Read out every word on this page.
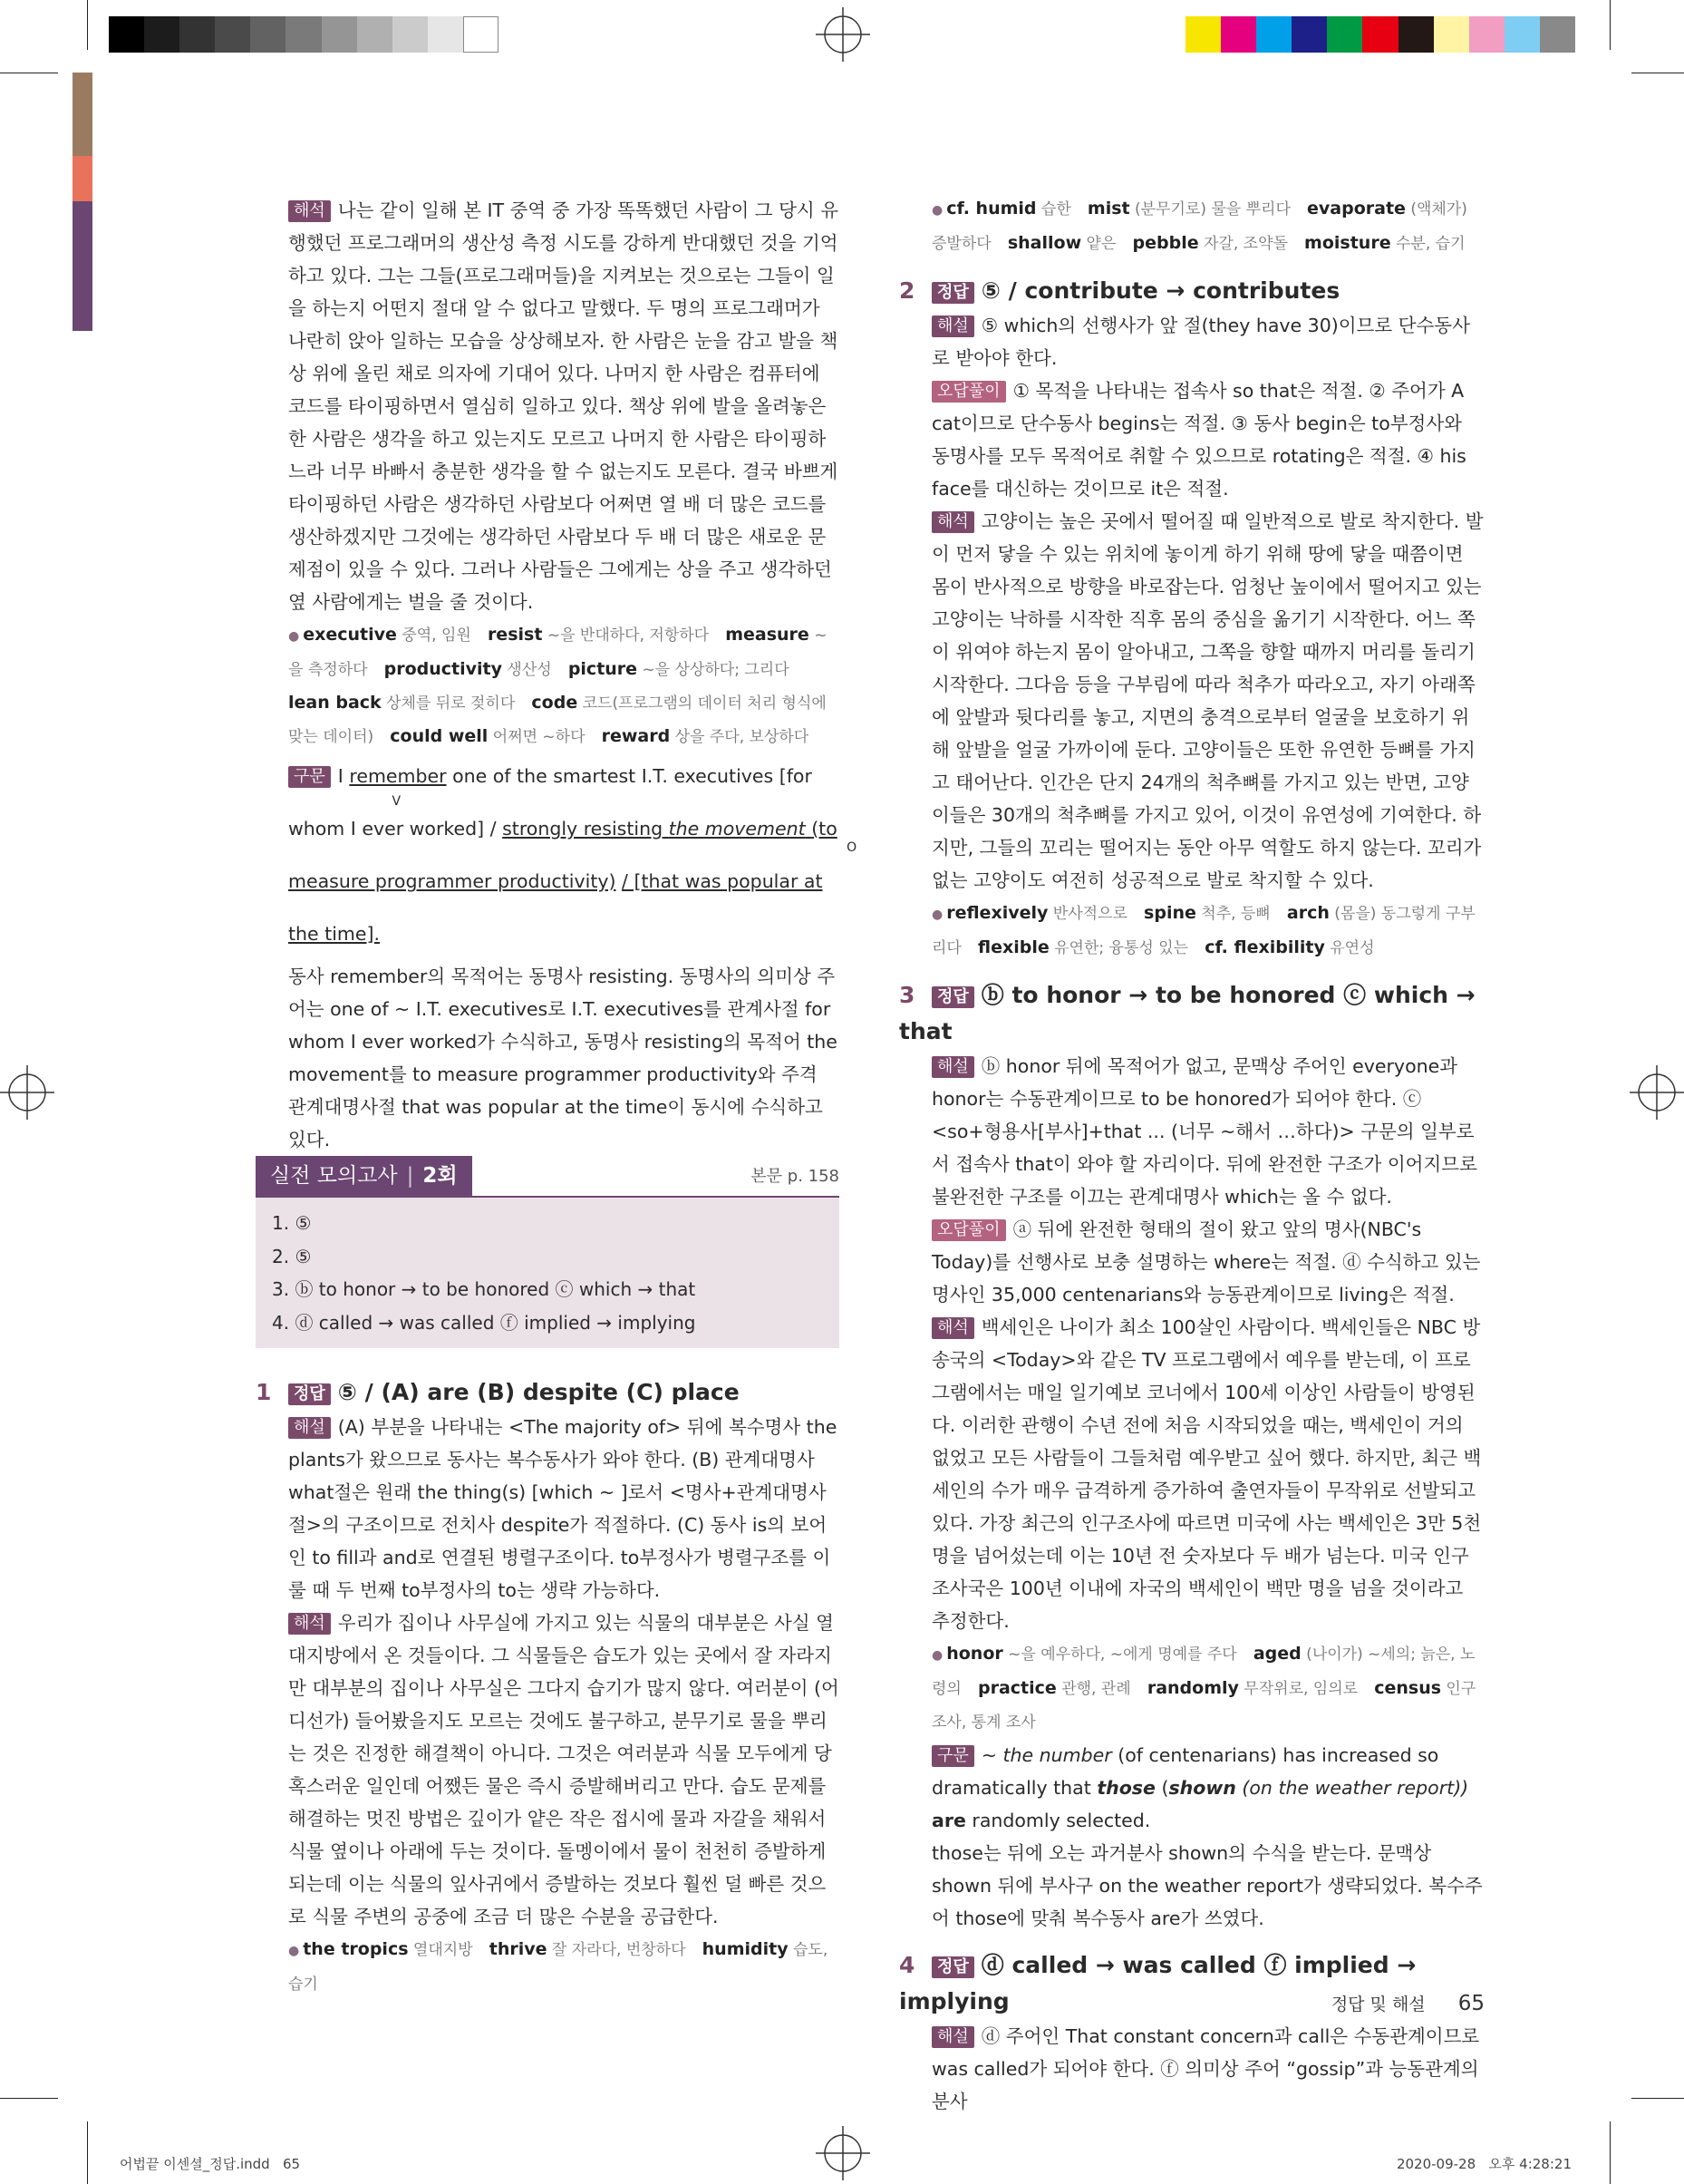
해석 나는 같이 일해 본 IT 중역 중 가장 똑똑했던 사람이 그 당시 유행했던 프로그래머의 생산성 측정 시도를 강하게 반대했던 것을 기억하고 있다. 그는 그들(프로그래머들)을 지켜보는 것으로는 그들이 일을 하는지 어떤지 절대 알 수 없다고 말했다. 두 명의 프로그래머가 나란히 앉아 일하는 모습을 상상해보자. 한 사람은 눈을 감고 발을 책상 위에 올린 채로 의자에 기대어 있다. 나머지 한 사람은 컴퓨터에 코드를 타이핑하면서 열심히 일하고 있다. 책상 위에 발을 올려놓은 한 사람은 생각을 하고 있는지도 모르고 나머지 한 사람은 타이핑하느라 너무 바빠서 충분한 생각을 할 수 없는지도 모른다. 결국 바쁘게 타이핑하던 사람은 생각하던 사람보다 어쩌면 열 배 더 많은 코드를 생산하겠지만 그것에는 생각하던 사람보다 두 배 더 많은 새로운 문제점이 있을 수 있다. 그러나 사람들은 그에게는 상을 주고 생각하던 옆 사람에게는 벌을 줄 것이다.

● executive 중역, 임원 resist ~을 반대하다, 저항하다 measure ~을 측정하다 productivity 생산성 picture ~을 상상하다; 그리다   lean back 상체를 뒤로 젖히다 code 코드(프로그램의 데이터 처리 형식에 맞는 데이터) could well 어쩌면 ~하다 reward 상을 주다, 보상하다

구문 I remember
V
one of the smartest I.T. executives [for whom I ever worked] / strongly resisting the movement (to measure programmer productivity)
O
/ [that was popular at the time].

동사 remember의 목적어는 동명사 resisting. 동명사의 의미상 주어는 one of ~ I.T. executives로 I.T. executives를 관계사절 for whom I ever worked가 수식하고, 동명사 resisting의 목적어 the movement를 to measure programmer productivity와 주격 관계대명사절 that was popular at the time이 동시에 수식하고 있다.

실전 모의고사 | 2회	본문 p. 158
1. ⑤
2. ⑤
3. ⓑ to honor → to be honored ⓒ which → that
4. ⓓ called → was called ⓕ implied → implying
1 정답 ⑤ / (A) are (B) despite (C) place

해설 (A) 부분을 나타내는 <The majority of> 뒤에 복수명사 the plants가 왔으므로 동사는 복수동사가 와야 한다. (B) 관계대명사 what절은 원래 the thing(s) [which ~ ]로서 <명사+관계대명사절>의 구조이므로 전치사 despite가 적절하다. (C) 동사 is의 보어인 to fill과 and로 연결된 병렬구조이다. to부정사가 병렬구조를 이룰 때 두 번째 to부정사의 to는 생략 가능하다.

해석 우리가 집이나 사무실에 가지고 있는 식물의 대부분은 사실 열대지방에서 온 것들이다. 그 식물들은 습도가 있는 곳에서 잘 자라지만 대부분의 집이나 사무실은 그다지 습기가 많지 않다. 여러분이 (어디선가) 들어봤을지도 모르는 것에도 불구하고, 분무기로 물을 뿌리는 것은 진정한 해결책이 아니다. 그것은 여러분과 식물 모두에게 당혹스러운 일인데 어쨌든 물은 즉시 증발해버리고 만다. 습도 문제를 해결하는 멋진 방법은 깊이가 얕은 작은 접시에 물과 자갈을 채워서 식물 옆이나 아래에 두는 것이다. 돌멩이에서 물이 천천히 증발하게 되는데 이는 식물의 잎사귀에서 증발하는 것보다 훨씬 덜 빠른 것으로 식물 주변의 공중에 조금 더 많은 수분을 공급한다.

● the tropics 열대지방 thrive 잘 자라다, 번창하다 humidity 습도, 습기
● cf. humid 습한 mist (분무기로) 물을 뿌리다 evaporate (액체가) 증발하다 shallow 얕은 pebble 자갈, 조약돌 moisture 수분, 습기
2 정답 ⑤ / contribute → contributes

해설 ⑤ which의 선행사가 앞 절(they have 30)이므로 단수동사로 받아야 한다.

오답풀이 ① 목적을 나타내는 접속사 so that은 적절. ② 주어가 A cat이므로 단수동사 begins는 적절. ③ 동사 begin은 to부정사와 동명사를 모두 목적어로 취할 수 있으므로 rotating은 적절. ④ his face를 대신하는 것이므로 it은 적절.

해석 고양이는 높은 곳에서 떨어질 때 일반적으로 발로 착지한다. 발이 먼저 닿을 수 있는 위치에 놓이게 하기 위해 땅에 닿을 때쯤이면 몸이 반사적으로 방향을 바로잡는다. 엄청난 높이에서 떨어지고 있는 고양이는 낙하를 시작한 직후 몸의 중심을 옮기기 시작한다. 어느 쪽이 위여야 하는지 몸이 알아내고, 그쪽을 향할 때까지 머리를 돌리기 시작한다. 그다음 등을 구부림에 따라 척추가 따라오고, 자기 아래쪽에 앞발과 뒷다리를 놓고, 지면의 충격으로부터 얼굴을 보호하기 위해 앞발을 얼굴 가까이에 둔다. 고양이들은 또한 유연한 등뼈를 가지고 태어난다. 인간은 단지 24개의 척추뼈를 가지고 있는 반면, 고양이들은 30개의 척추뼈를 가지고 있어, 이것이 유연성에 기여한다. 하지만, 그들의 꼬리는 떨어지는 동안 아무 역할도 하지 않는다. 꼬리가 없는 고양이도 여전히 성공적으로 발로 착지할 수 있다.

● reflexively 반사적으로 spine 척추, 등뼈 arch (몸을) 동그렇게 구부리다 flexible 유연한; 융통성 있는 cf. flexibility 유연성
3 정답 ⓑ to honor → to be honored ⓒ which → that

해설 ⓑ honor 뒤에 목적어가 없고, 문맥상 주어인 everyone과 honor는 수동관계이므로 to be honored가 되어야 한다. ⓒ <so+형용사[부사]+that ... (너무 ~해서 …하다)> 구문의 일부로서 접속사 that이 와야 할 자리이다. 뒤에 완전한 구조가 이어지므로 불완전한 구조를 이끄는 관계대명사 which는 올 수 없다.

오답풀이 ⓐ 뒤에 완전한 형태의 절이 왔고 앞의 명사(NBC's Today)를 선행사로 보충 설명하는 where는 적절. ⓓ 수식하고 있는 명사인 35,000 centenarians와 능동관계이므로 living은 적절.

해석 백세인은 나이가 최소 100살인 사람이다. 백세인들은 NBC 방송국의 <Today>와 같은 TV 프로그램에서 예우를 받는데, 이 프로그램에서는 매일 일기예보 코너에서 100세 이상인 사람들이 방영된다. 이러한 관행이 수년 전에 처음 시작되었을 때는, 백세인이 거의 없었고 모든 사람들이 그들처럼 예우받고 싶어 했다. 하지만, 최근 백세인의 수가 매우 급격하게 증가하여 출연자들이 무작위로 선발되고 있다. 가장 최근의 인구조사에 따르면 미국에 사는 백세인은 3만 5천 명을 넘어섰는데 이는 10년 전 숫자보다 두 배가 넘는다. 미국 인구조사국은 100년 이내에 자국의 백세인이 백만 명을 넘을 것이라고 추정한다.

● honor ~을 예우하다, ~에게 명예를 주다 aged (나이가) ~세의; 늙은, 노령의 practice 관행, 관례 randomly 무작위로, 임의로 census 인구 조사, 통계 조사

구문 ~ the number (of centenarians) has increased so dramatically that those (shown (on the weather report)) are randomly selected.

those는 뒤에 오는 과거분사 shown의 수식을 받는다. 문맥상 shown 뒤에 부사구 on the weather report가 생략되었다. 복수주어 those에 맞춰 복수동사 are가 쓰였다.

4 정답 ⓓ called → was called ⓕ implied → implying

해설 ⓓ 주어인 That constant concern과 call은 수동관계이므로 was called가 되어야 한다. ⓕ 의미상 주어 “gossip”과 능동관계의 분사

정답 및 해설 65
어법끝 이센셜_정답.indd   65	2020-09-28   오후 4:28:21
